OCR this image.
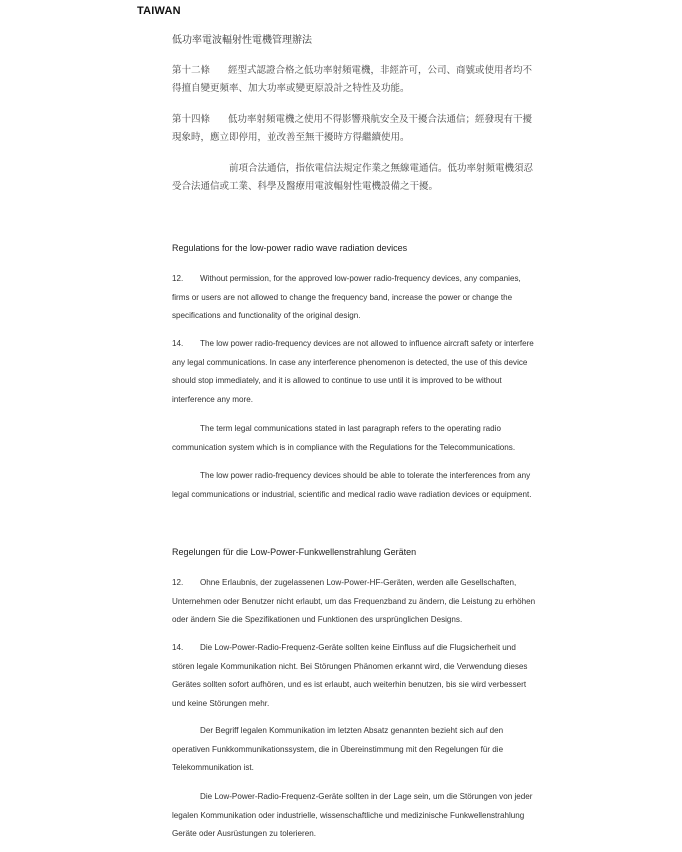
TAIWAN
低功率電波輻射性電機管理辦法
第十二條 經型式認證合格之低功率射頻電機，非經許可，公司、商號或使用者均不得擅自變更頻率、加大功率或變更原設計之特性及功能。
第十四條 低功率射頻電機之使用不得影響飛航安全及干擾合法通信；經發現有干擾現象時，應立即停用，並改善至無干擾時方得繼續使用。
前項合法通信，指依電信法規定作業之無線電通信。低功率射頻電機須忍受合法通信或工業、科學及醫療用電波輻射性電機設備之干擾。
Regulations for the low-power radio wave radiation devices
12. Without permission, for the approved low-power radio-frequency devices, any companies, firms or users are not allowed to change the frequency band, increase the power or change the specifications and functionality of the original design.
14. The low power radio-frequency devices are not allowed to influence aircraft safety or interfere any legal communications. In case any interference phenomenon is detected, the use of this device should stop immediately, and it is allowed to continue to use until it is improved to be without interference any more.
The term legal communications stated in last paragraph refers to the operating radio communication system which is in compliance with the Regulations for the Telecommunications.
The low power radio-frequency devices should be able to tolerate the interferences from any legal communications or industrial, scientific and medical radio wave radiation devices or equipment.
Regelungen für die Low-Power-Funkwellenstrahlung Geräten
12. Ohne Erlaubnis, der zugelassenen Low-Power-HF-Geräten, werden alle Gesellschaften, Unternehmen oder Benutzer nicht erlaubt, um das Frequenzband zu ändern, die Leistung zu erhöhen oder ändern Sie die Spezifikationen und Funktionen des ursprünglichen Designs.
14. Die Low-Power-Radio-Frequenz-Geräte sollten keine Einfluss auf die Flugsicherheit und stören legale Kommunikation nicht. Bei Störungen Phänomen erkannt wird, die Verwendung dieses Gerätes sollten sofort aufhören, und es ist erlaubt, auch weiterhin benutzen, bis sie wird verbessert und keine Störungen mehr.
Der Begriff legalen Kommunikation im letzten Absatz genannten bezieht sich auf den operativen Funkkommunikationssystem, die in Übereinstimmung mit den Regelungen für die Telekommunikation ist.
Die Low-Power-Radio-Frequenz-Geräte sollten in der Lage sein, um die Störungen von jeder legalen Kommunikation oder industrielle, wissenschaftliche und medizinische Funkwellenstrahlung Geräte oder Ausrüstungen zu tolerieren.
